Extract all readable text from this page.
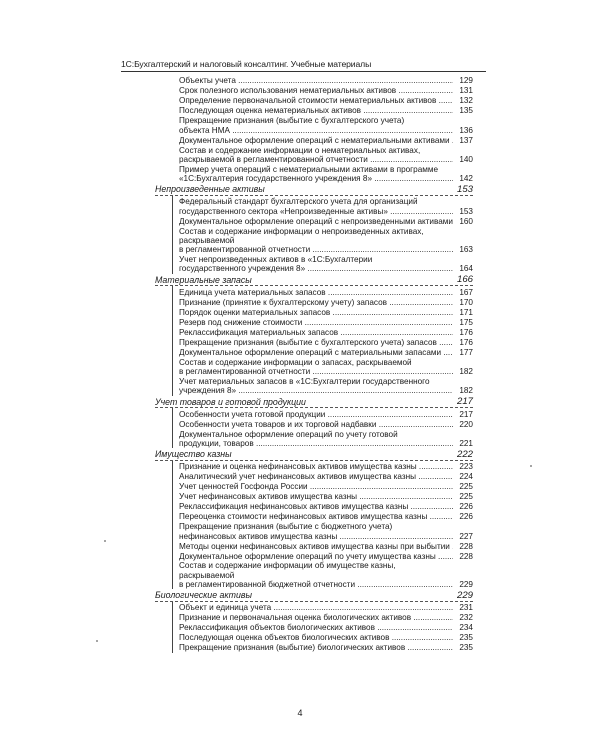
1С:Бухгалтерский и налоговый консалтинг. Учебные материалы
Объекты учета .....	129
Срок полезного использования нематериальных активов .....	131
Определение первоначальной стоимости нематериальных активов .....	132
Последующая оценка нематериальных активов .....	135
Прекращение признания (выбытие с бухгалтерского учета)
объекта НМА .....	136
Документальное оформление операций с нематериальными активами .....	137
Состав и содержание информации о нематериальных активах,
раскрываемой в регламентированной отчетности .....	140
Пример учета операций с нематериальными активами в программе
«1С:Бухгалтерия государственного учреждения 8» .....	142
Непроизведенные активы	153
Федеральный стандарт бухгалтерского учета для организаций
государственного сектора «Непроизведенные активы» .....	153
Документальное оформление операций с непроизведенными активами ..... 160
Состав и содержание информации о непроизведенных активах,
раскрываемой
в регламентированной отчетности .....	163
Учет непроизведенных активов в «1С:Бухгалтерии
государственного учреждения 8» .....	164
Материальные запасы	166
Единица учета материальных запасов .....	167
Признание (принятие к бухгалтерскому учету) запасов .....	170
Порядок оценки материальных запасов .....	171
Резерв под снижение стоимости .....	175
Реклассификация материальных запасов .....	176
Прекращение признания (выбытие с бухгалтерского учета) запасов .....	176
Документальное оформление операций с материальными запасами .....	177
Состав и содержание информации о запасах, раскрываемой
в регламентированной отчетности .....	182
Учет материальных запасов в «1С:Бухгалтерии государственного
учреждения 8» .....	182
Учет товаров и готовой продукции	217
Особенности учета готовой продукции .....	217
Особенности учета товаров и их торговой надбавки .....	220
Документальное оформление операций по учету готовой
продукции, товаров .....	221
Имущество казны	222
Признание и оценка нефинансовых активов имущества казны .....	223
Аналитический учет нефинансовых активов имущества казны .....	224
Учет ценностей Госфонда России .....	225
Учет нефинансовых активов имущества казны .....	225
Реклассификация нефинансовых активов имущества казны .....	226
Переоценка стоимости нефинансовых активов имущества казны .....	226
Прекращение признания (выбытие с бюджетного учета)
нефинансовых активов имущества казны .....	227
Методы оценки нефинансовых активов имущества казны при выбытии .....	228
Документальное оформление операций по учету имущества казны .....	228
Состав и содержание информации об имуществе казны, раскрываемой
в регламентированной бюджетной отчетности .....	229
Биологические активы	229
Объект и единица учета .....	231
Признание и первоначальная оценка биологических активов .....	232
Реклассификация объектов биологических активов .....	234
Последующая оценка объектов биологических активов .....	235
Прекращение признания (выбытие) биологических активов .....	235
4
